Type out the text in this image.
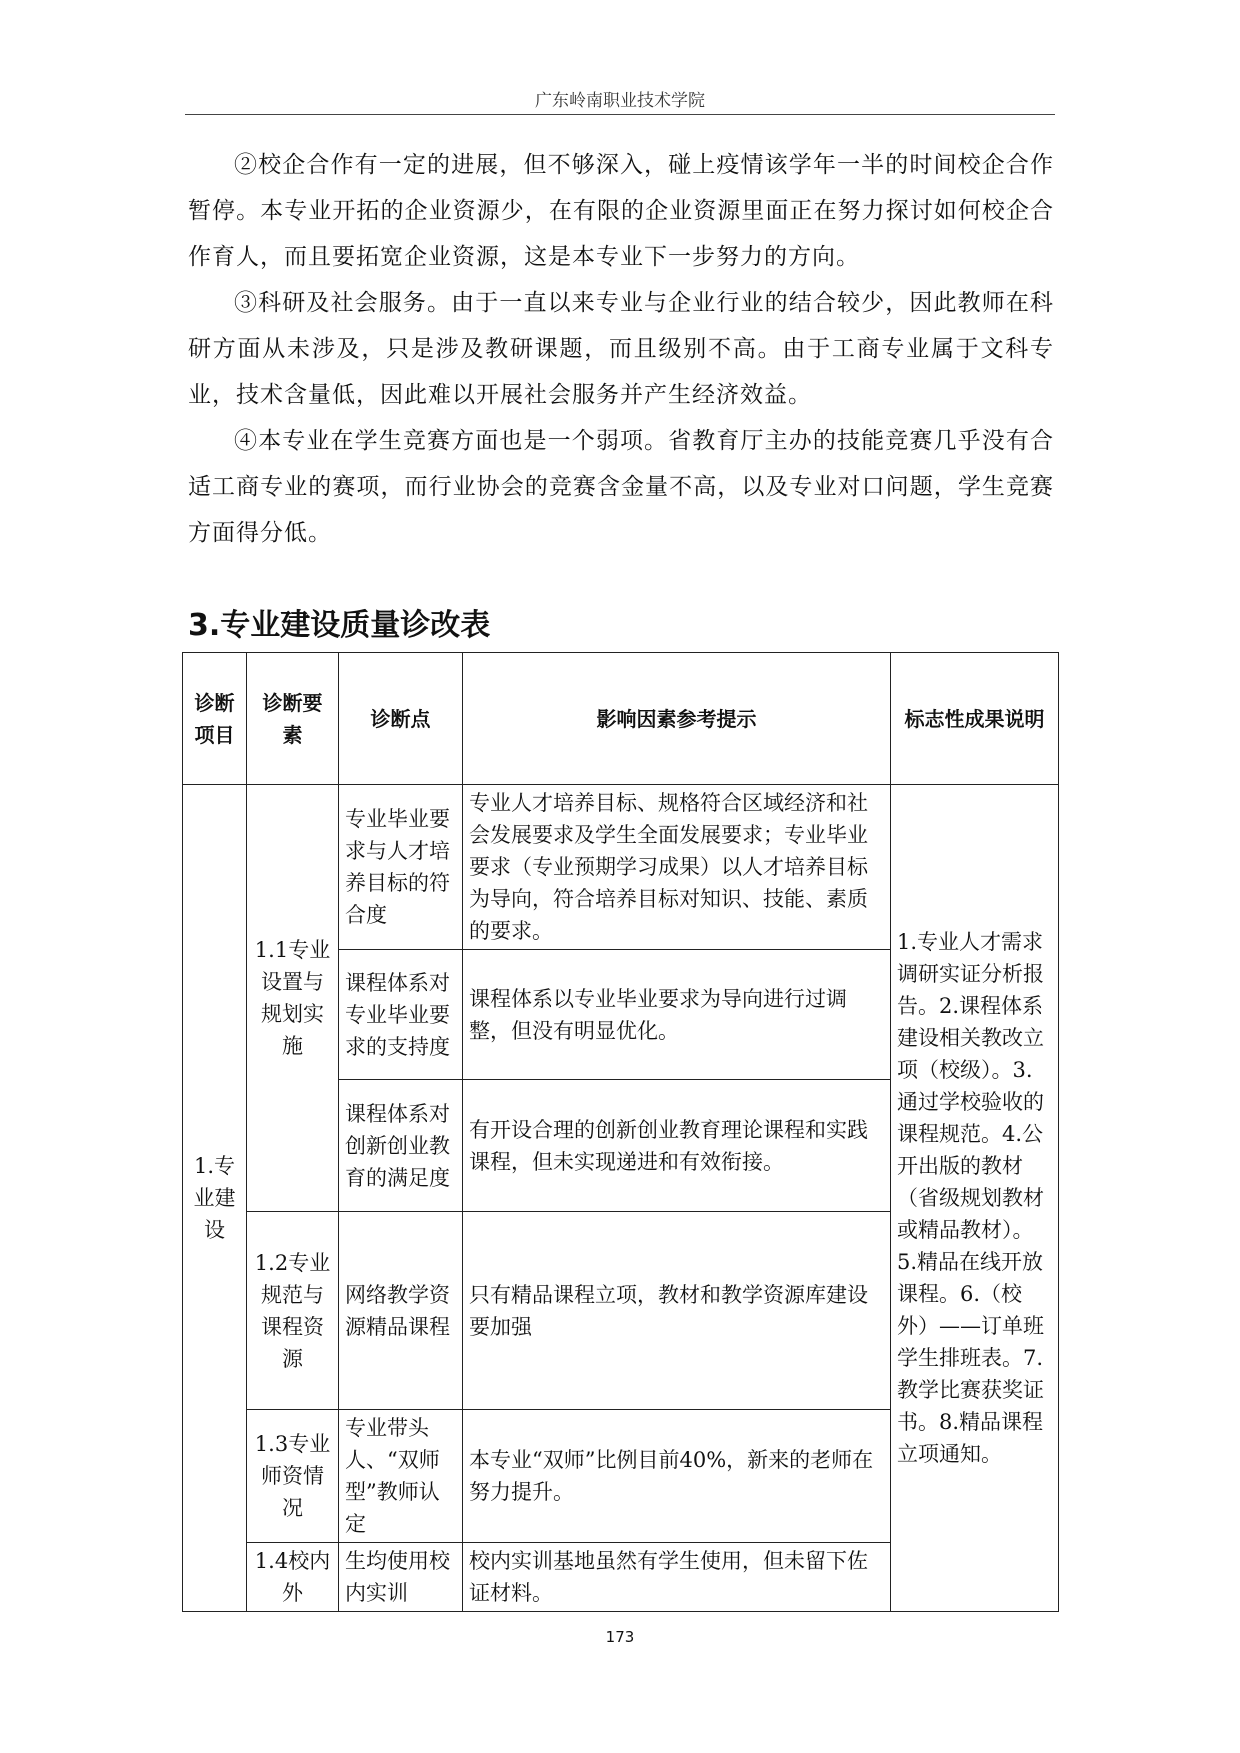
广东岭南职业技术学院

②校企合作有一定的进展，但不够深入，碰上疫情该学年一半的时间校企合作暂停。本专业开拓的企业资源少，在有限的企业资源里面正在努力探讨如何校企合作育人，而且要拓宽企业资源，这是本专业下一步努力的方向。

③科研及社会服务。由于一直以来专业与企业行业的结合较少，因此教师在科研方面从未涉及，只是涉及教研课题，而且级别不高。由于工商专业属于文科专业，技术含量低，因此难以开展社会服务并产生经济效益。

④本专业在学生竞赛方面也是一个弱项。省教育厅主办的技能竞赛几乎没有合适工商专业的赛项，而行业协会的竞赛含金量不高，以及专业对口问题，学生竞赛方面得分低。

3.专业建设质量诊改表
诊断项目	诊断要素	诊断点	影响因素参考提示	标志性成果说明

1.专业建设	1.1专业设置与规划实施	专业毕业要求与人才培养目标的符合度	专业人才培养目标、规格符合区域经济和社会发展要求及学生全面发展要求；专业毕业要求（专业预期学习成果）以人才培养目标为导向，符合培养目标对知识、技能、素质的要求。	1.专业人才需求调研实证分析报告。2.课程体系建设相关教改立项（校级）。3.通过学校验收的课程规范。4.公开出版的教材（省级规划教材或精品教材）。5.精品在线开放课程。6.（校外）——订单班学生排班表。7.教学比赛获奖证书。8.精品课程立项通知。

		课程体系对专业毕业要求的支持度	课程体系以专业毕业要求为导向进行过调整，但没有明显优化。	

		课程体系对创新创业教育的满足度	有开设合理的创新创业教育理论课程和实践课程，但未实现递进和有效衔接。	

	1.2专业规范与课程资源	网络教学资源精品课程	只有精品课程立项，教材和教学资源库建设要加强	

	1.3专业师资情况	专业带头人、“双师型”教师认定	本专业“双师”比例目前40%，新来的老师在努力提升。	

	1.4校内外	生均使用校内实训	校内实训基地虽然有学生使用，但未留下佐证材料。	
173
